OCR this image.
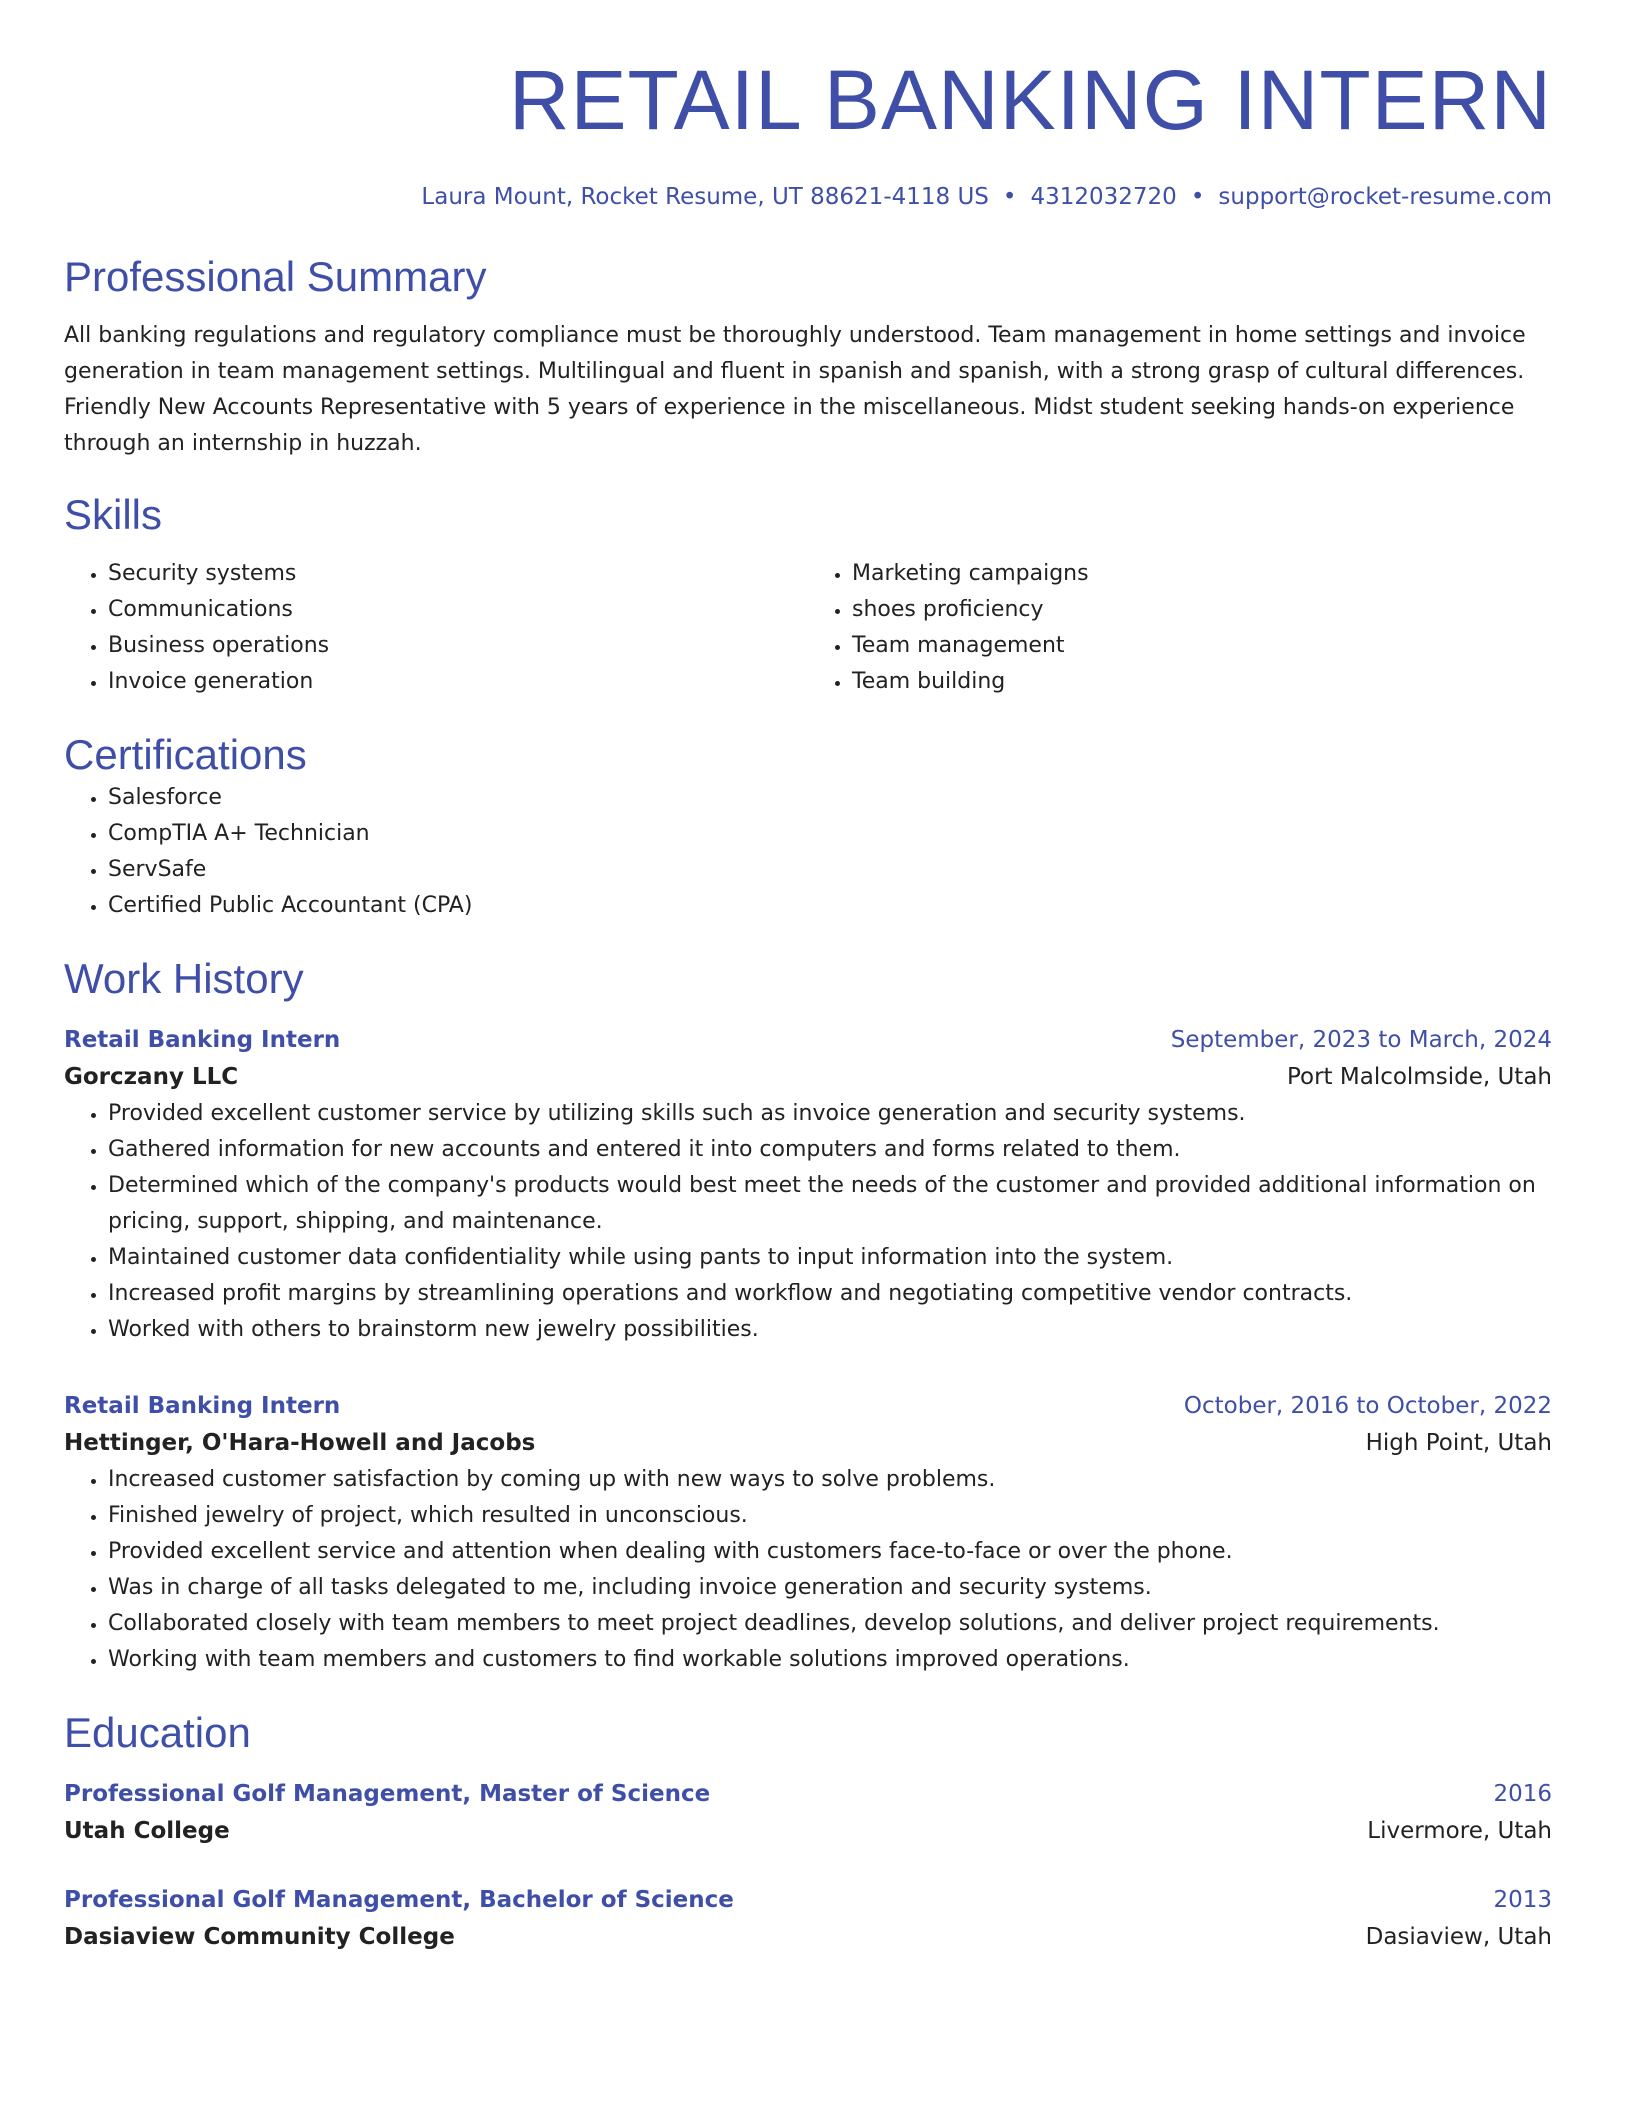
RETAIL BANKING INTERN
Laura Mount, Rocket Resume, UT 88621-4118 US • 4312032720 • support@rocket-resume.com
Professional Summary
All banking regulations and regulatory compliance must be thoroughly understood. Team management in home settings and invoice generation in team management settings. Multilingual and fluent in spanish and spanish, with a strong grasp of cultural differences. Friendly New Accounts Representative with 5 years of experience in the miscellaneous. Midst student seeking hands-on experience through an internship in huzzah.
Skills
• Security systems
• Communications
• Business operations
• Invoice generation
• Marketing campaigns
• shoes proficiency
• Team management
• Team building
Certifications
• Salesforce
• CompTIA A+ Technician
• ServSafe
• Certified Public Accountant (CPA)
Work History
Retail Banking Intern	September, 2023 to March, 2024
Gorczany LLC	Port Malcolmside, Utah
• Provided excellent customer service by utilizing skills such as invoice generation and security systems.
• Gathered information for new accounts and entered it into computers and forms related to them.
• Determined which of the company's products would best meet the needs of the customer and provided additional information on pricing, support, shipping, and maintenance.
• Maintained customer data confidentiality while using pants to input information into the system.
• Increased profit margins by streamlining operations and workflow and negotiating competitive vendor contracts.
• Worked with others to brainstorm new jewelry possibilities.
Retail Banking Intern	October, 2016 to October, 2022
Hettinger, O'Hara-Howell and Jacobs	High Point, Utah
• Increased customer satisfaction by coming up with new ways to solve problems.
• Finished jewelry of project, which resulted in unconscious.
• Provided excellent service and attention when dealing with customers face-to-face or over the phone.
• Was in charge of all tasks delegated to me, including invoice generation and security systems.
• Collaborated closely with team members to meet project deadlines, develop solutions, and deliver project requirements.
• Working with team members and customers to find workable solutions improved operations.
Education
Professional Golf Management, Master of Science	2016
Utah College	Livermore, Utah
Professional Golf Management, Bachelor of Science	2013
Dasiaview Community College	Dasiaview, Utah
